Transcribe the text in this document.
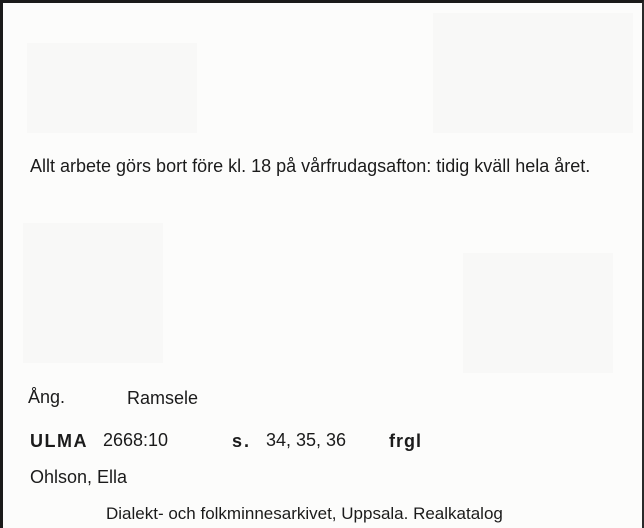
Allt arbete görs bort före kl. 18 på vårfrudagsafton: tidig kväll hela året.

Ång.	Ramsele
ULMA 2668:10	s. 34, 35, 36 frgl
Ohlson, Ella
Dialekt- och folkminnesarkivet, Uppsala. Realkatalog
